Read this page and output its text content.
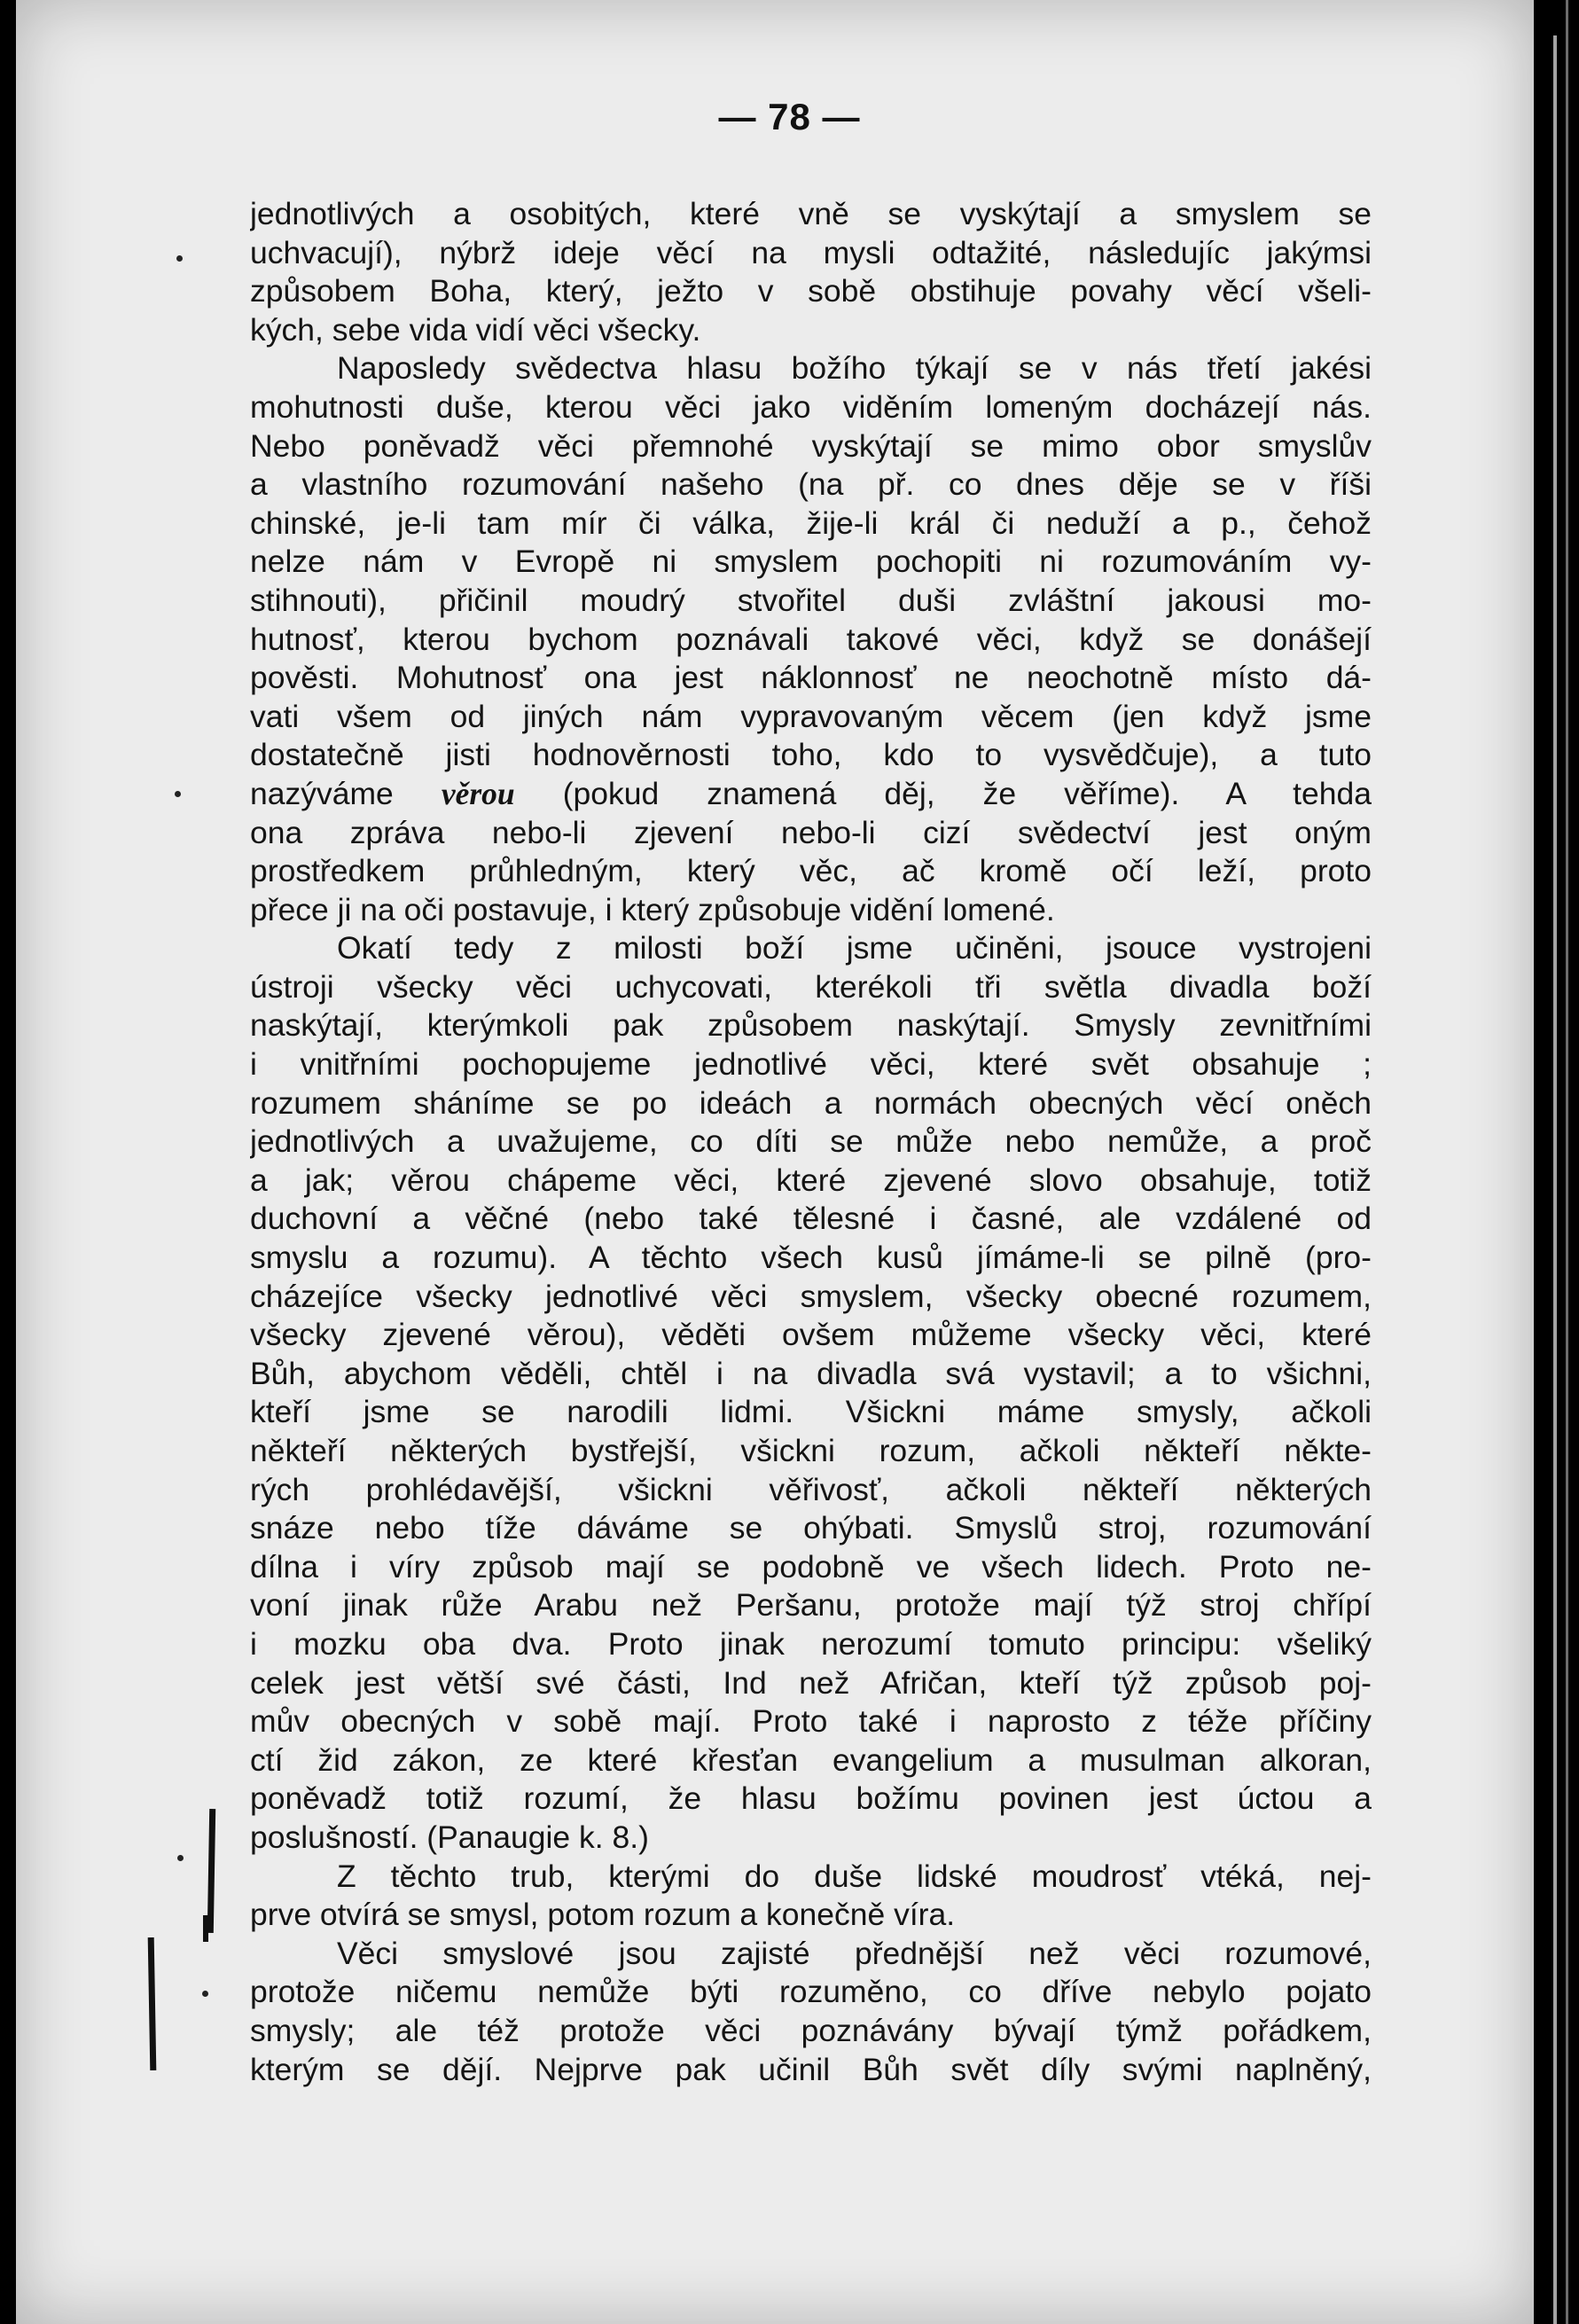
— 78 —
jednotlivých a osobitých, které vně se vyskýtají a smyslem se
uchvacují), nýbrž ideje věcí na mysli odtažité, následujíc jakýmsi
způsobem Boha, který, ježto v sobě obstihuje povahy věcí všeli-
kých, sebe vida vidí věci všecky.
Naposledy svědectva hlasu božího týkají se v nás třetí jakési
mohutnosti duše, kterou věci jako viděním lomeným docházejí nás.
Nebo poněvadž věci přemnohé vyskýtají se mimo obor smyslův
a vlastního rozumování našeho (na př. co dnes děje se v říši
chinské, je-li tam mír či válka, žije-li král či neduží a p., čehož
nelze nám v Evropě ni smyslem pochopiti ni rozumováním vy-
stihnouti), přičinil moudrý stvořitel duši zvláštní jakousi mo-
hutnosť, kterou bychom poznávali takové věci, když se donášejí
pověsti. Mohutnosť ona jest náklonnosť ne neochotně místo dá-
vati všem od jiných nám vypravovaným věcem (jen když jsme
dostatečně jisti hodnověrnosti toho, kdo to vysvědčuje), a tuto
nazýváme věrou (pokud znamená děj, že věříme). A tehda
ona zpráva nebo-li zjevení nebo-li cizí svědectví jest oným
prostředkem průhledným, který věc, ač kromě očí leží, proto
přece ji na oči postavuje, i který způsobuje vidění lomené.
Okatí tedy z milosti boží jsme učiněni, jsouce vystrojeni
ústroji všecky věci uchycovati, kterékoli tři světla divadla boží
naskýtají, kterýmkoli pak způsobem naskýtají. Smysly zevnitřními
i vnitřními pochopujeme jednotlivé věci, které svět obsahuje ;
rozumem sháníme se po ideách a normách obecných věcí oněch
jednotlivých a uvažujeme, co díti se může nebo nemůže, a proč
a jak; věrou chápeme věci, které zjevené slovo obsahuje, totiž
duchovní a věčné (nebo také tělesné i časné, ale vzdálené od
smyslu a rozumu). A těchto všech kusů jímáme-li se pilně (pro-
cházejíce všecky jednotlivé věci smyslem, všecky obecné rozumem,
všecky zjevené věrou), věděti ovšem můžeme všecky věci, které
Bůh, abychom věděli, chtěl i na divadla svá vystavil; a to všichni,
kteří jsme se narodili lidmi. Všickni máme smysly, ačkoli
někteří některých bystřejší, všickni rozum, ačkoli někteří někte-
rých prohlédavější, všickni věřivosť, ačkoli někteří některých
snáze nebo tíže dáváme se ohýbati. Smyslů stroj, rozumování
dílna i víry způsob mají se podobně ve všech lidech. Proto ne-
voní jinak růže Arabu než Peršanu, protože mají týž stroj chřípí
i mozku oba dva. Proto jinak nerozumí tomuto principu: všeliký
celek jest větší své části, Ind než Afričan, kteří týž způsob poj-
mův obecných v sobě mají. Proto také i naprosto z téže příčiny
ctí žid zákon, ze které křesťan evangelium a musulman alkoran,
poněvadž totiž rozumí, že hlasu božímu povinen jest úctou a
poslušností. (Panaugie k. 8.)
Z těchto trub, kterými do duše lidské moudrosť vtéká, nej-
prve otvírá se smysl, potom rozum a konečně víra.
Věci smyslové jsou zajisté přednější než věci rozumové,
protože ničemu nemůže býti rozuměno, co dříve nebylo pojato
smysly; ale též protože věci poznávány bývají týmž pořádkem,
kterým se dějí. Nejprve pak učinil Bůh svět díly svými naplněný,
